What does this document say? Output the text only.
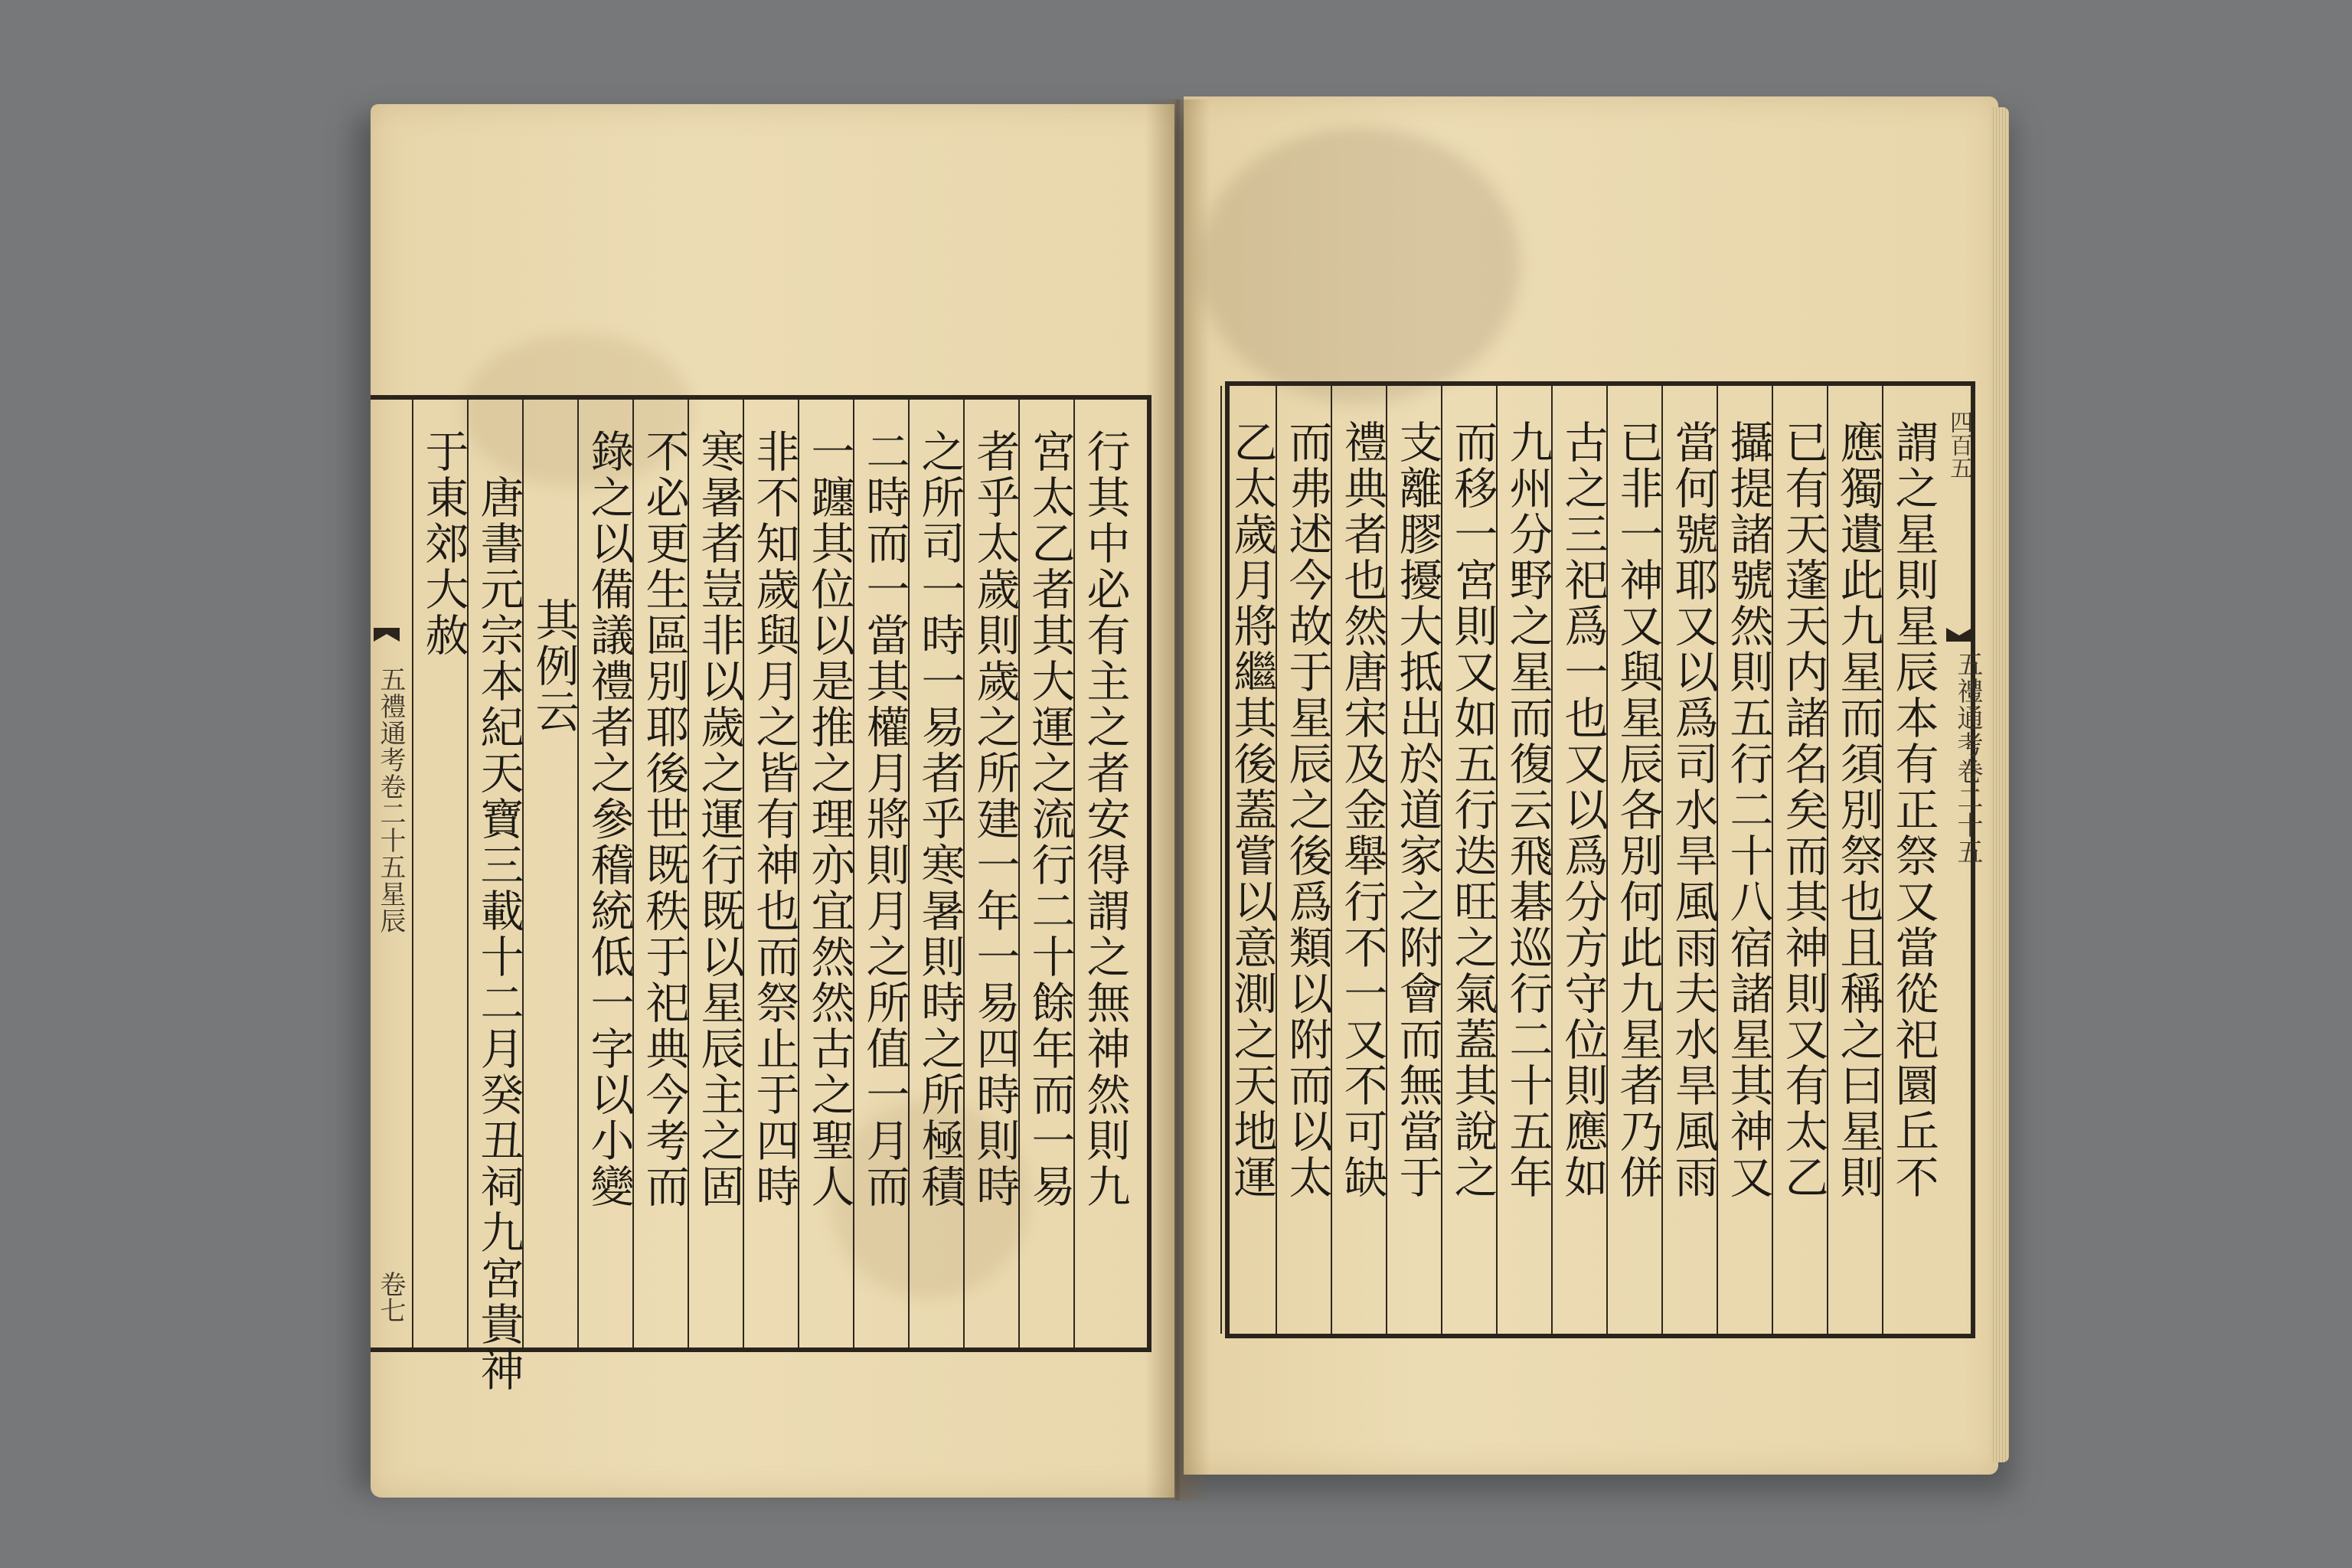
行其中必有主之者安得謂之無神然則九
宮太乙者其大運之流行二十餘年而一易
者乎太歲則歲之所建一年一易四時則時
之所司一時一易者乎寒暑則時之所極積
二時而一當其權月將則月之所值一月而
一躔其位以是推之理亦宜然然古之聖人
非不知歲與月之皆有神也而祭止于四時
寒暑者豈非以歲之運行既以星辰主之固
不必更生區別耶後世既秩于祀典今考而
錄之以備議禮者之參稽統低一字以小變
其例云
唐書元宗本紀天寶三載十二月癸丑祠九宮貴神
于東郊大赦	謂之星則星辰本有正祭又當從祀圜丘不
應獨遺此九星而須別祭也且稱之曰星則
已有天蓬天内諸名矣而其神則又有太乙
攝提諸號然則五行二十八宿諸星其神又
當何號耶又以爲司水旱風雨夫水旱風雨
已非一神又與星辰各別何此九星者乃併
古之三祀爲一也又以爲分方守位則應如
九州分野之星而復云飛碁巡行二十五年
而移一宮則又如五行迭旺之氣蓋其說之
支離膠擾大抵出於道家之附會而無當于
禮典者也然唐宋及金舉行不一又不可缺
而弗述今故于星辰之後爲類以附而以太
乙太歲月將繼其後蓋嘗以意測之天地運
五禮通考卷二十五星辰
卷七
五禮通考卷二十五
四百五
